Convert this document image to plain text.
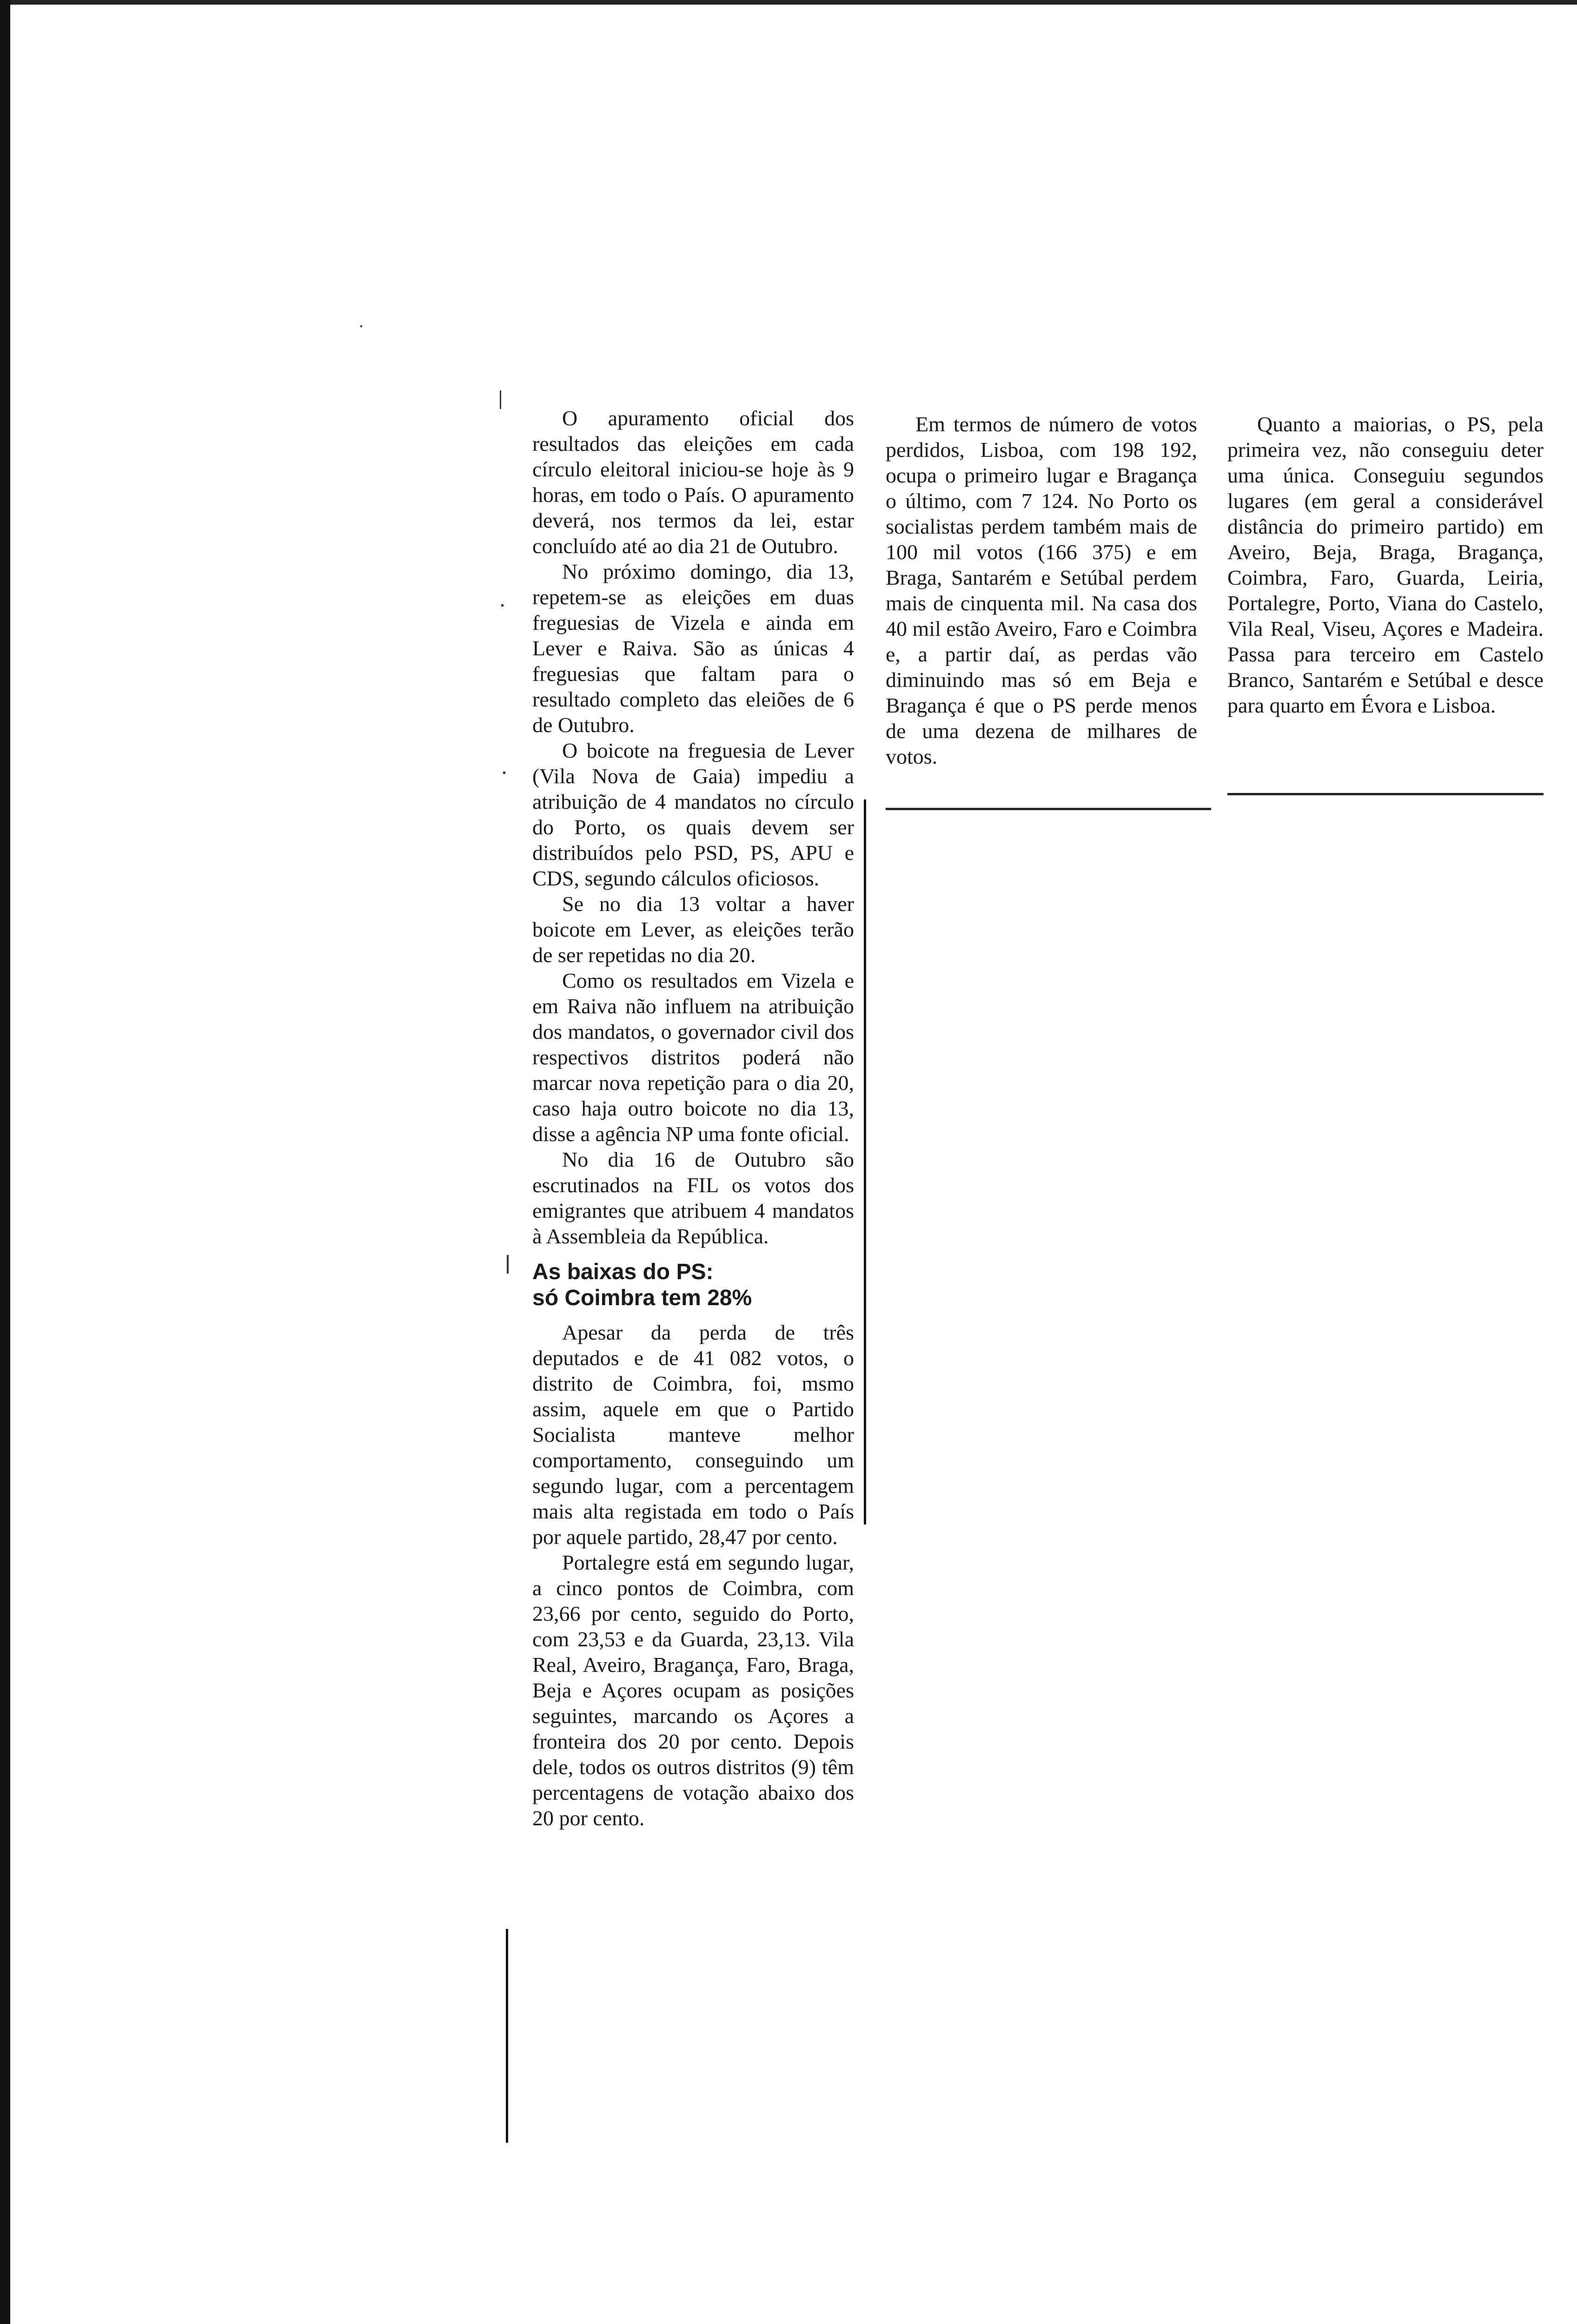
O apuramento oficial dos resultados das eleições em cada círculo eleitoral iniciou-se hoje às 9 horas, em todo o País. O apuramento deverá, nos termos da lei, estar concluído até ao dia 21 de Outubro.

No próximo domingo, dia 13, repetem-se as eleições em duas freguesias de Vizela e ainda em Lever e Raiva. São as únicas 4 freguesias que faltam para o resultado completo das eleiões de 6 de Outubro.

O boicote na freguesia de Lever (Vila Nova de Gaia) impediu a atribuição de 4 mandatos no círculo do Porto, os quais devem ser distribuídos pelo PSD, PS, APU e CDS, segundo cálculos oficiosos.

Se no dia 13 voltar a haver boicote em Lever, as eleições terão de ser repetidas no dia 20.

Como os resultados em Vizela e em Raiva não influem na atribuição dos mandatos, o governador civil dos respectivos distritos poderá não marcar nova repetição para o dia 20, caso haja outro boicote no dia 13, disse a agência NP uma fonte oficial.

No dia 16 de Outubro são escrutinados na FIL os votos dos emigrantes que atribuem 4 mandatos à Assembleia da República.

As baixas do PS:
só Coimbra tem 28%

Apesar da perda de três deputados e de 41 082 votos, o distrito de Coimbra, foi, msmo assim, aquele em que o Partido Socialista manteve melhor comportamento, conseguindo um segundo lugar, com a percentagem mais alta registada em todo o País por aquele partido, 28,47 por cento.

Portalegre está em segundo lugar, a cinco pontos de Coimbra, com 23,66 por cento, seguido do Porto, com 23,53 e da Guarda, 23,13. Vila Real, Aveiro, Bragança, Faro, Braga, Beja e Açores ocupam as posições seguintes, marcando os Açores a fronteira dos 20 por cento. Depois dele, todos os outros distritos (9) têm percentagens de votação abaixo dos 20 por cento.

Em termos de número de votos perdidos, Lisboa, com 198 192, ocupa o primeiro lugar e Bragança o último, com 7 124. No Porto os socialistas perdem também mais de 100 mil votos (166 375) e em Braga, Santarém e Setúbal perdem mais de cinquenta mil. Na casa dos 40 mil estão Aveiro, Faro e Coimbra e, a partir daí, as perdas vão diminuindo mas só em Beja e Bragança é que o PS perde menos de uma dezena de milhares de votos.

Quanto a maiorias, o PS, pela primeira vez, não conseguiu deter uma única. Conseguiu segundos lugares (em geral a considerável distância do primeiro partido) em Aveiro, Beja, Braga, Bragança, Coimbra, Faro, Guarda, Leiria, Portalegre, Porto, Viana do Castelo, Vila Real, Viseu, Açores e Madeira. Passa para terceiro em Castelo Branco, Santarém e Setúbal e desce para quarto em Évora e Lisboa.
